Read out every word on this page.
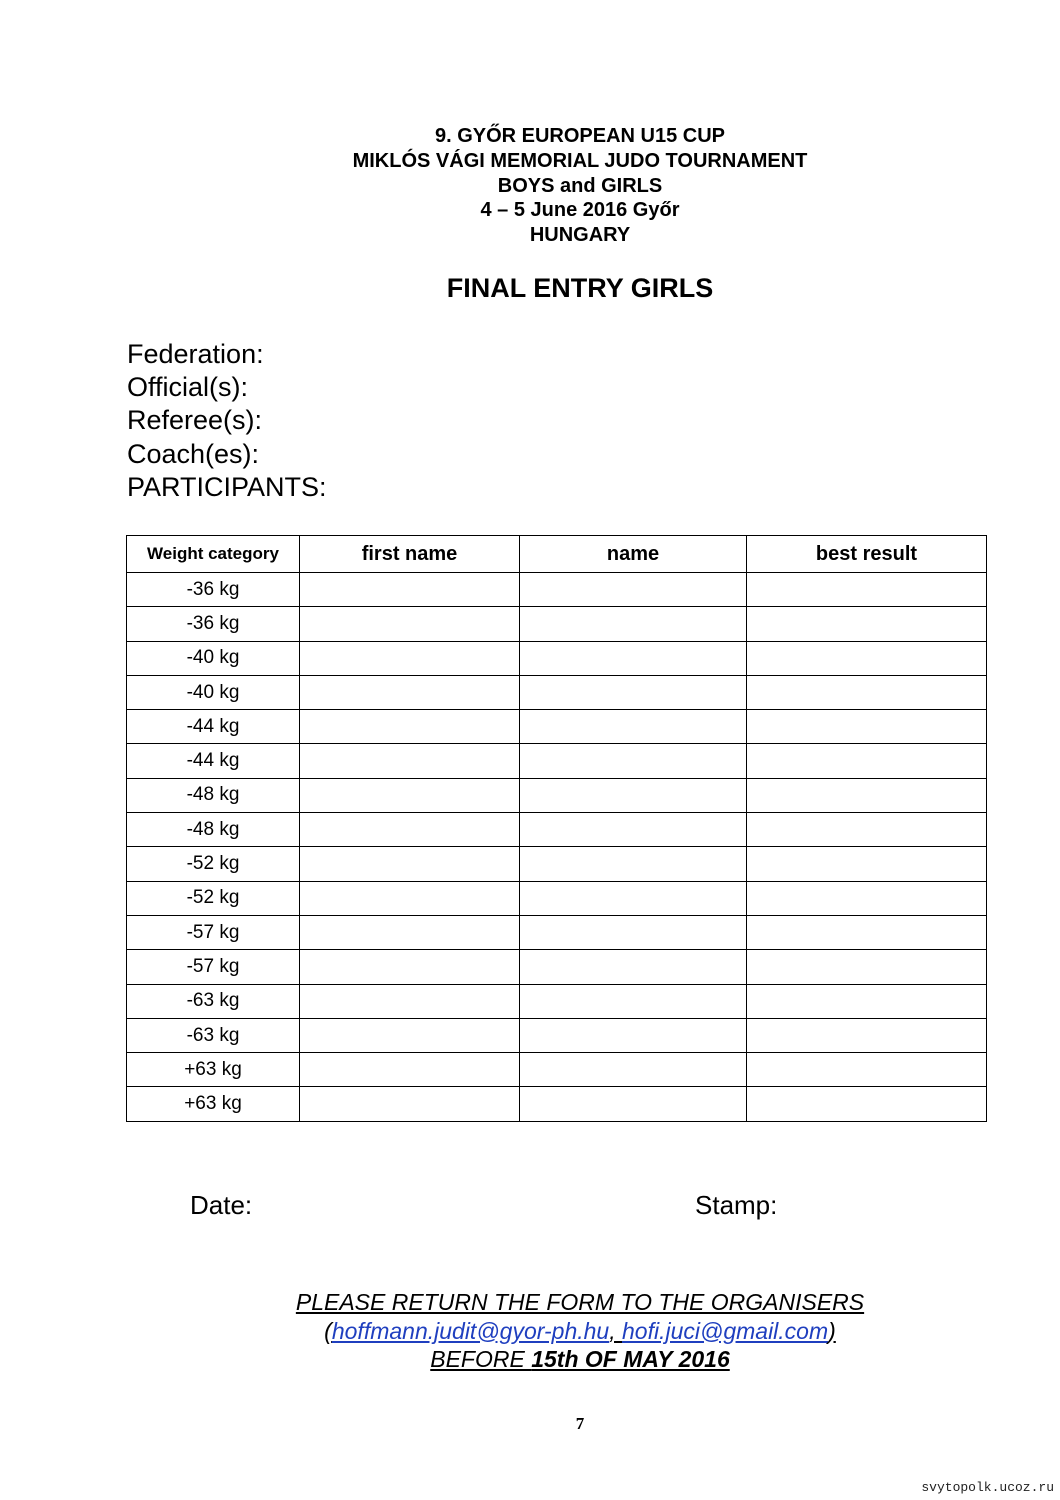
9. GYŐR EUROPEAN U15 CUP
MIKLÓS VÁGI MEMORIAL JUDO TOURNAMENT
BOYS and GIRLS
4 – 5 June 2016 Győr
HUNGARY
FINAL ENTRY GIRLS
Federation:
Official(s):
Referee(s):
Coach(es):
PARTICIPANTS:
Weight category	first name	name	best result
-36 kg			
-36 kg			
-40 kg			
-40 kg			
-44 kg			
-44 kg			
-48 kg			
-48 kg			
-52 kg			
-52 kg			
-57 kg			
-57 kg			
-63 kg			
-63 kg			
+63 kg			
+63 kg			
Date:	Stamp:
PLEASE RETURN THE FORM TO THE ORGANISERS
(hoffmann.judit@gyor-ph.hu, hofi.juci@gmail.com)
BEFORE 15th OF MAY 2016
7
svytopolk.ucoz.ru
